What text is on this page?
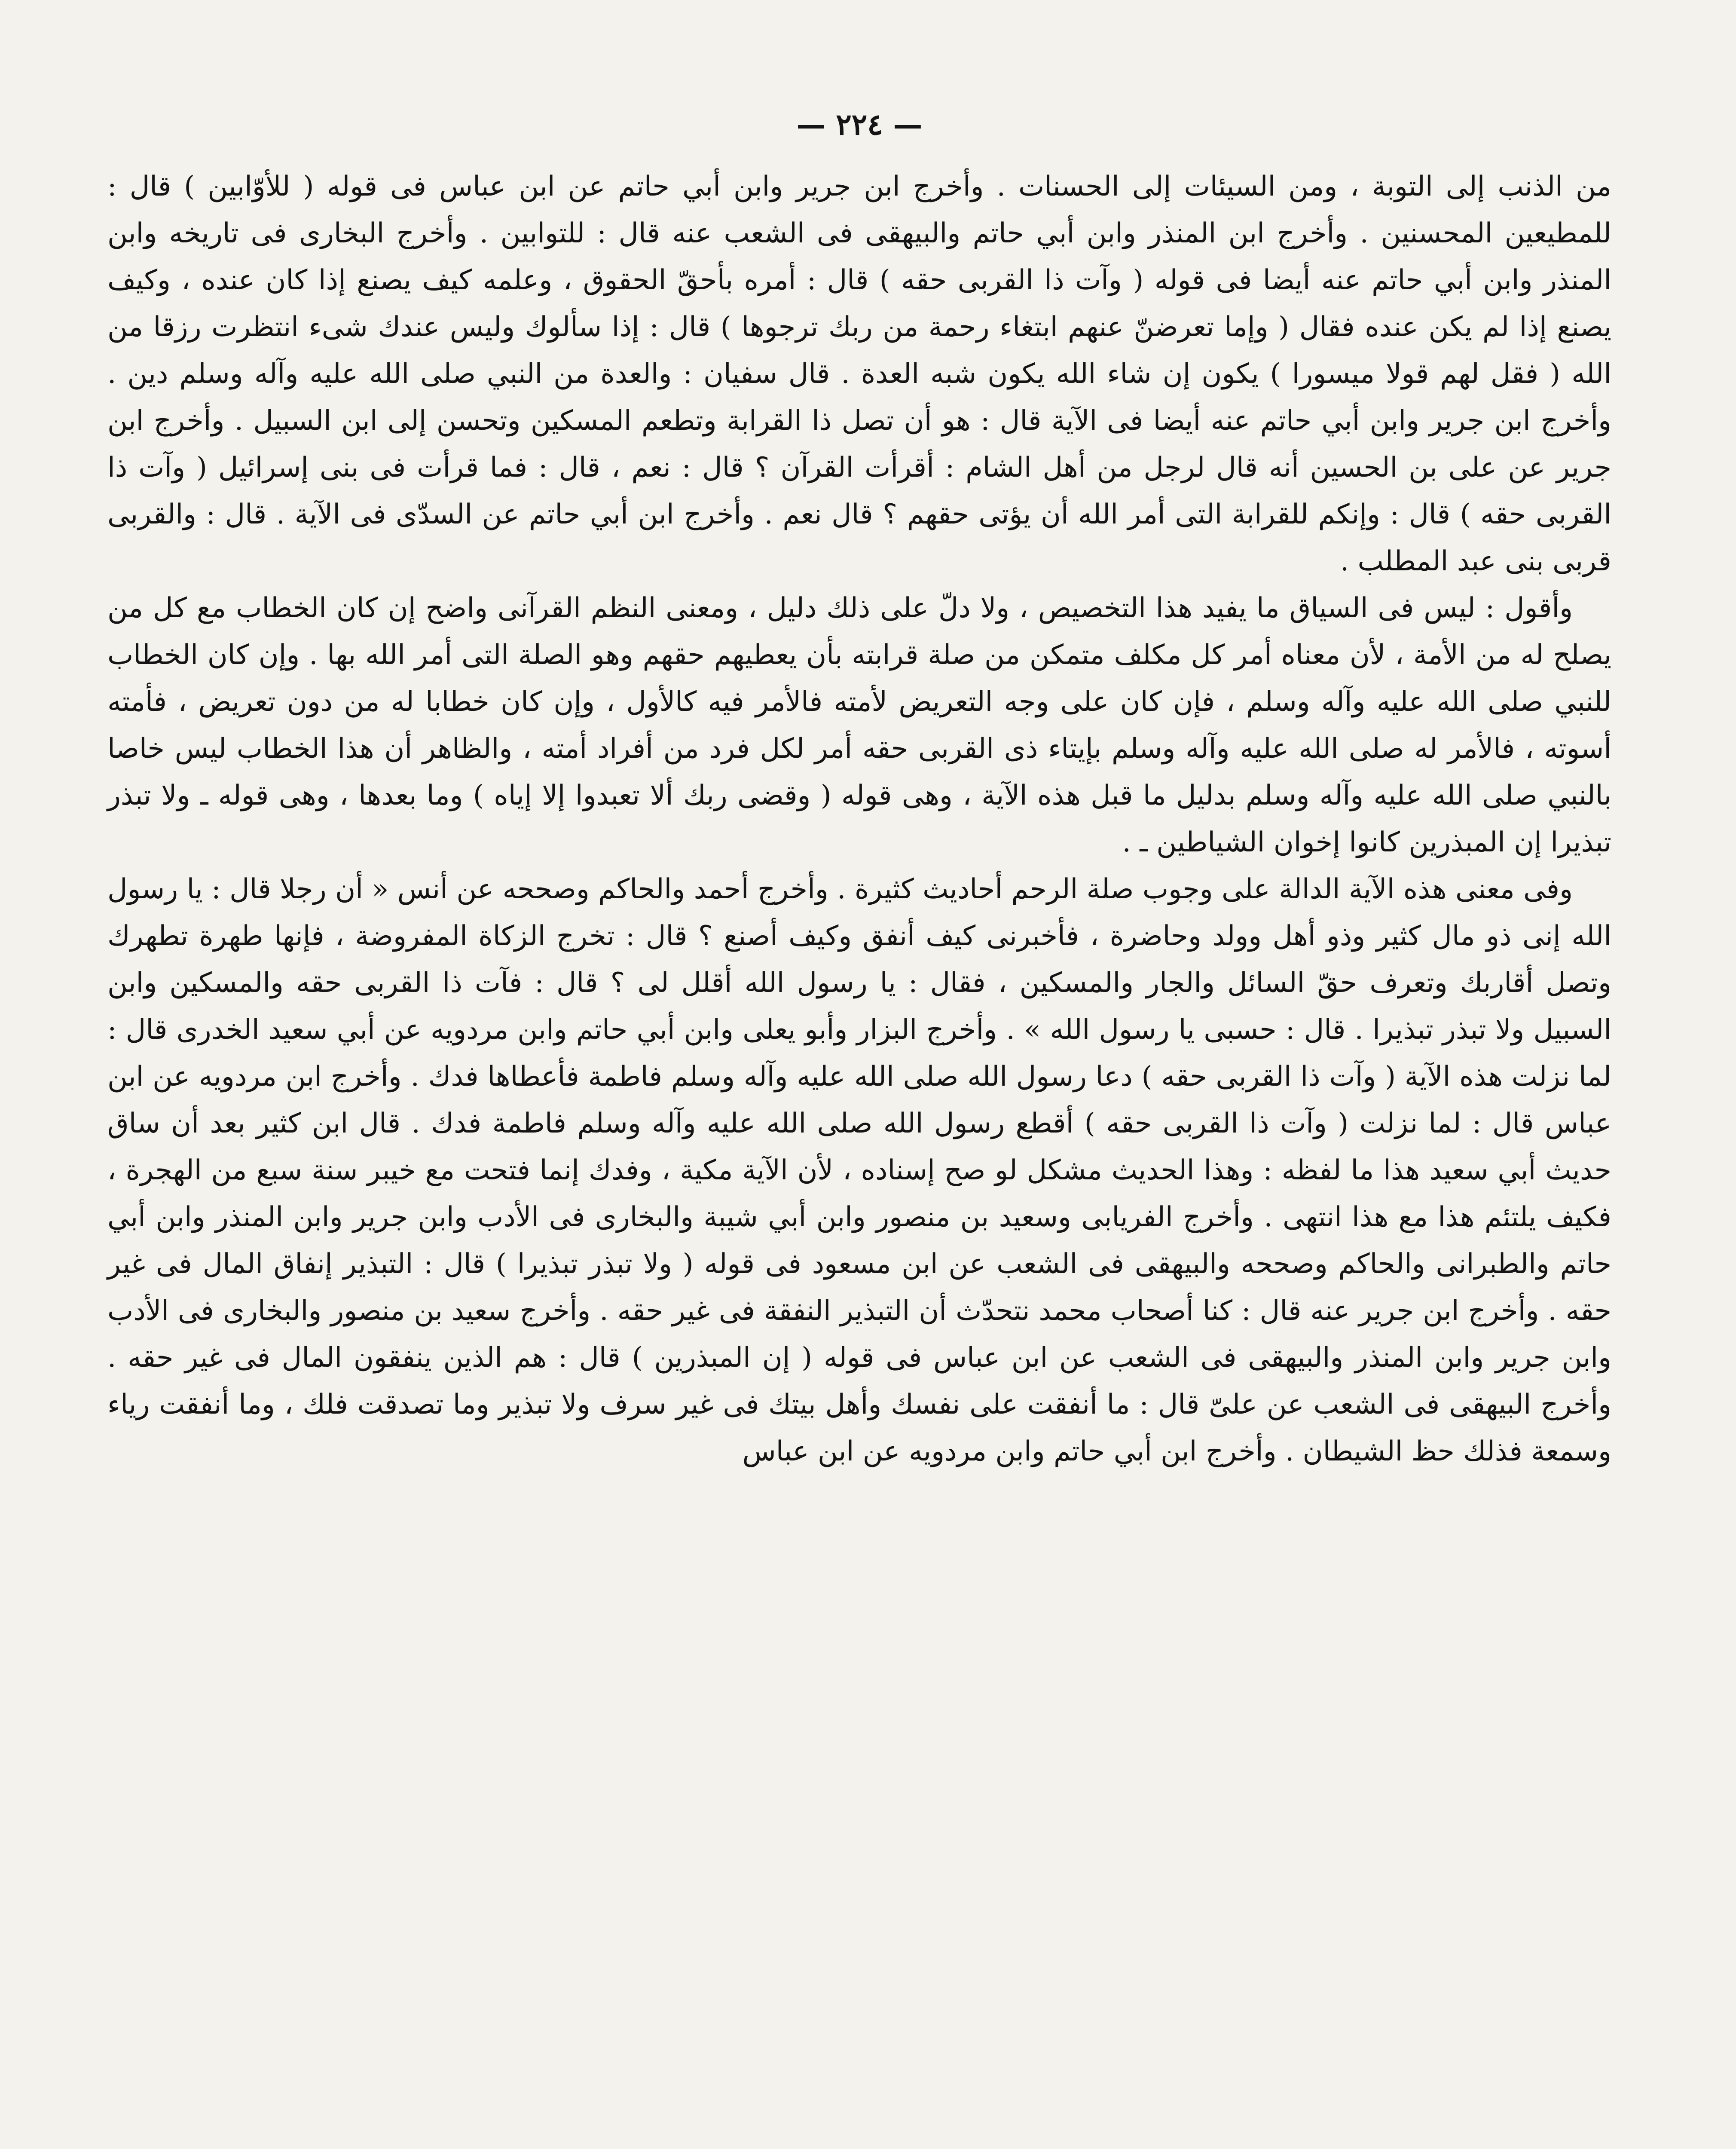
— ٢٢٤ —

من الذنب إلى التوبة ، ومن السيئات إلى الحسنات . وأخرج ابن جرير وابن أبي حاتم عن ابن عباس فى قوله ( للأوّابين ) قال : للمطيعين المحسنين . وأخرج ابن المنذر وابن أبي حاتم والبيهقى فى الشعب عنه قال : للتوابين . وأخرج البخارى فى تاريخه وابن المنذر وابن أبي حاتم عنه أيضا فى قوله ( وآت ذا القربى حقه ) قال : أمره بأحقّ الحقوق ، وعلمه كيف يصنع إذا كان عنده ، وكيف يصنع إذا لم يكن عنده فقال ( وإما تعرضنّ عنهم ابتغاء رحمة من ربك ترجوها ) قال : إذا سألوك وليس عندك شىء انتظرت رزقا من الله ( فقل لهم قولا ميسورا ) يكون إن شاء الله يكون شبه العدة . قال سفيان : والعدة من النبي صلى الله عليه وآله وسلم دين . وأخرج ابن جرير وابن أبي حاتم عنه أيضا فى الآية قال : هو أن تصل ذا القرابة وتطعم المسكين وتحسن إلى ابن السبيل . وأخرج ابن جرير عن على بن الحسين أنه قال لرجل من أهل الشام : أقرأت القرآن ؟ قال : نعم ، قال : فما قرأت فى بنى إسرائيل ( وآت ذا القربى حقه ) قال : وإنكم للقرابة التى أمر الله أن يؤتى حقهم ؟ قال نعم . وأخرج ابن أبي حاتم عن السدّى فى الآية . قال : والقربى قربى بنى عبد المطلب .

وأقول : ليس فى السياق ما يفيد هذا التخصيص ، ولا دلّ على ذلك دليل ، ومعنى النظم القرآنى واضح إن كان الخطاب مع كل من يصلح له من الأمة ، لأن معناه أمر كل مكلف متمكن من صلة قرابته بأن يعطيهم حقهم وهو الصلة التى أمر الله بها . وإن كان الخطاب للنبي صلى الله عليه وآله وسلم ، فإن كان على وجه التعريض لأمته فالأمر فيه كالأول ، وإن كان خطابا له من دون تعريض ، فأمته أسوته ، فالأمر له صلى الله عليه وآله وسلم بإيتاء ذى القربى حقه أمر لكل فرد من أفراد أمته ، والظاهر أن هذا الخطاب ليس خاصا بالنبي صلى الله عليه وآله وسلم بدليل ما قبل هذه الآية ، وهى قوله ( وقضى ربك ألا تعبدوا إلا إياه ) وما بعدها ، وهى قوله ـ ولا تبذر تبذيرا إن المبذرين كانوا إخوان الشياطين ـ .

وفى معنى هذه الآية الدالة على وجوب صلة الرحم أحاديث كثيرة . وأخرج أحمد والحاكم وصححه عن أنس « أن رجلا قال : يا رسول الله إنى ذو مال كثير وذو أهل وولد وحاضرة ، فأخبرنى كيف أنفق وكيف أصنع ؟ قال : تخرج الزكاة المفروضة ، فإنها طهرة تطهرك وتصل أقاربك وتعرف حقّ السائل والجار والمسكين ، فقال : يا رسول الله أقلل لى ؟ قال : فآت ذا القربى حقه والمسكين وابن السبيل ولا تبذر تبذيرا . قال : حسبى يا رسول الله » . وأخرج البزار وأبو يعلى وابن أبي حاتم وابن مردويه عن أبي سعيد الخدرى قال : لما نزلت هذه الآية ( وآت ذا القربى حقه ) دعا رسول الله صلى الله عليه وآله وسلم فاطمة فأعطاها فدك . وأخرج ابن مردويه عن ابن عباس قال : لما نزلت ( وآت ذا القربى حقه ) أقطع رسول الله صلى الله عليه وآله وسلم فاطمة فدك . قال ابن كثير بعد أن ساق حديث أبي سعيد هذا ما لفظه : وهذا الحديث مشكل لو صح إسناده ، لأن الآية مكية ، وفدك إنما فتحت مع خيبر سنة سبع من الهجرة ، فكيف يلتئم هذا مع هذا انتهى . وأخرج الفريابى وسعيد بن منصور وابن أبي شيبة والبخارى فى الأدب وابن جرير وابن المنذر وابن أبي حاتم والطبرانى والحاكم وصححه والبيهقى فى الشعب عن ابن مسعود فى قوله ( ولا تبذر تبذيرا ) قال : التبذير إنفاق المال فى غير حقه . وأخرج ابن جرير عنه قال : كنا أصحاب محمد نتحدّث أن التبذير النفقة فى غير حقه . وأخرج سعيد بن منصور والبخارى فى الأدب وابن جرير وابن المنذر والبيهقى فى الشعب عن ابن عباس فى قوله ( إن المبذرين ) قال : هم الذين ينفقون المال فى غير حقه . وأخرج البيهقى فى الشعب عن علىّ قال : ما أنفقت على نفسك وأهل بيتك فى غير سرف ولا تبذير وما تصدقت فلك ، وما أنفقت رياء وسمعة فذلك حظ الشيطان . وأخرج ابن أبي حاتم وابن مردويه عن ابن عباس
